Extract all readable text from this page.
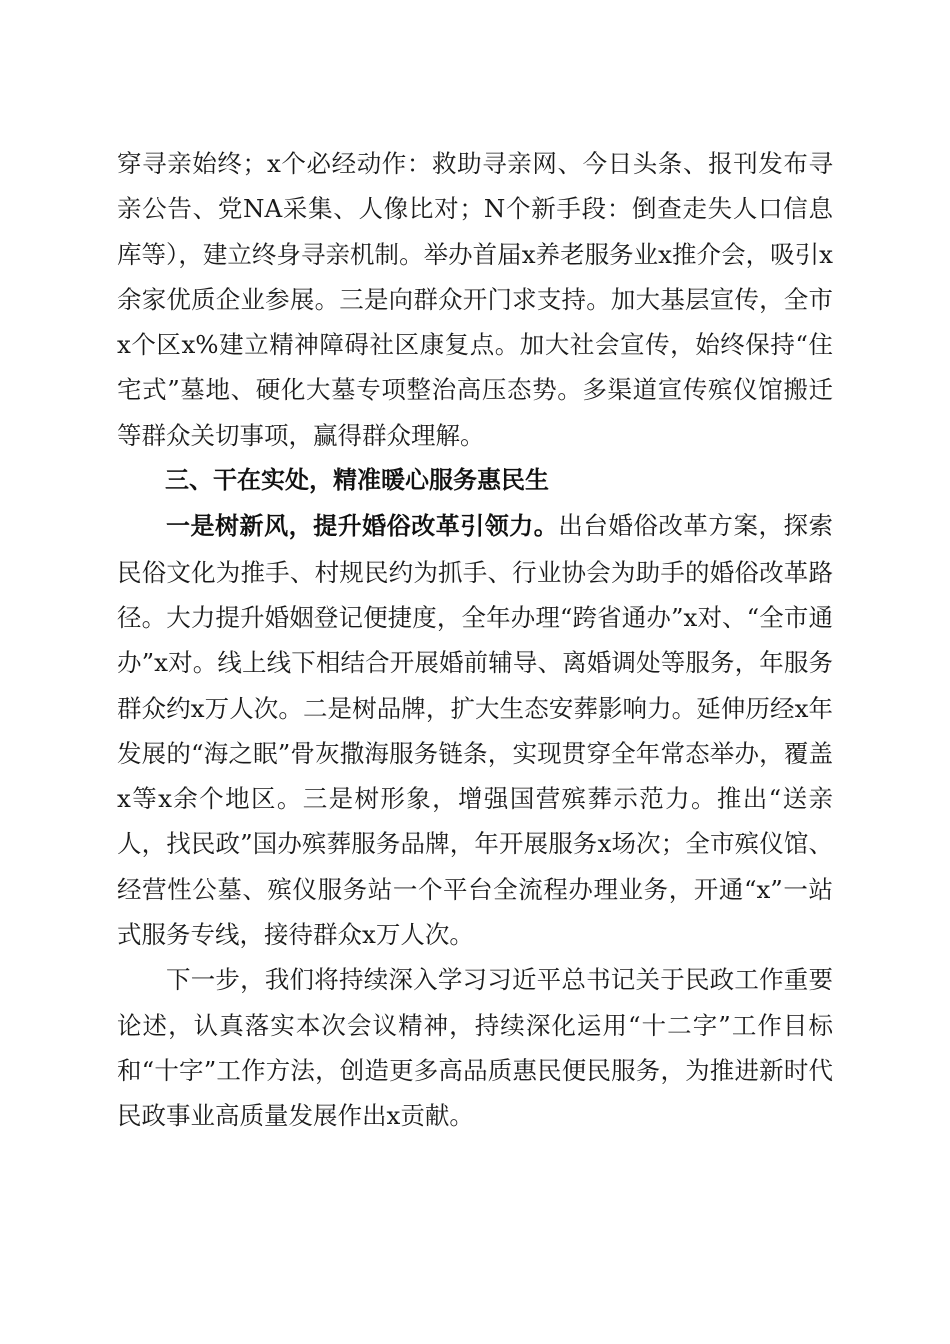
穿寻亲始终；x个必经动作：救助寻亲网、今日头条、报刊发布寻亲公告、党NA采集、人像比对；N个新手段：倒查走失人口信息库等），建立终身寻亲机制。举办首届x养老服务业x推介会，吸引x余家优质企业参展。三是向群众开门求支持。加大基层宣传，全市x个区x%建立精神障碍社区康复点。加大社会宣传，始终保持“住宅式”墓地、硬化大墓专项整治高压态势。多渠道宣传殡仪馆搬迁等群众关切事项，赢得群众理解。

三、干在实处，精准暖心服务惠民生

一是树新风，提升婚俗改革引领力。出台婚俗改革方案，探索民俗文化为推手、村规民约为抓手、行业协会为助手的婚俗改革路径。大力提升婚姻登记便捷度，全年办理“跨省通办”x对、“全市通办”x对。线上线下相结合开展婚前辅导、离婚调处等服务，年服务群众约x万人次。二是树品牌，扩大生态安葬影响力。延伸历经x年发展的“海之眠”骨灰撒海服务链条，实现贯穿全年常态举办，覆盖x等x余个地区。三是树形象，增强国营殡葬示范力。推出“送亲人，找民政”国办殡葬服务品牌，年开展服务x场次；全市殡仪馆、经营性公墓、殡仪服务站一个平台全流程办理业务，开通“x”一站式服务专线，接待群众x万人次。

下一步，我们将持续深入学习习近平总书记关于民政工作重要论述，认真落实本次会议精神，持续深化运用“十二字”工作目标和“十字”工作方法，创造更多高品质惠民便民服务，为推进新时代民政事业高质量发展作出x贡献。
